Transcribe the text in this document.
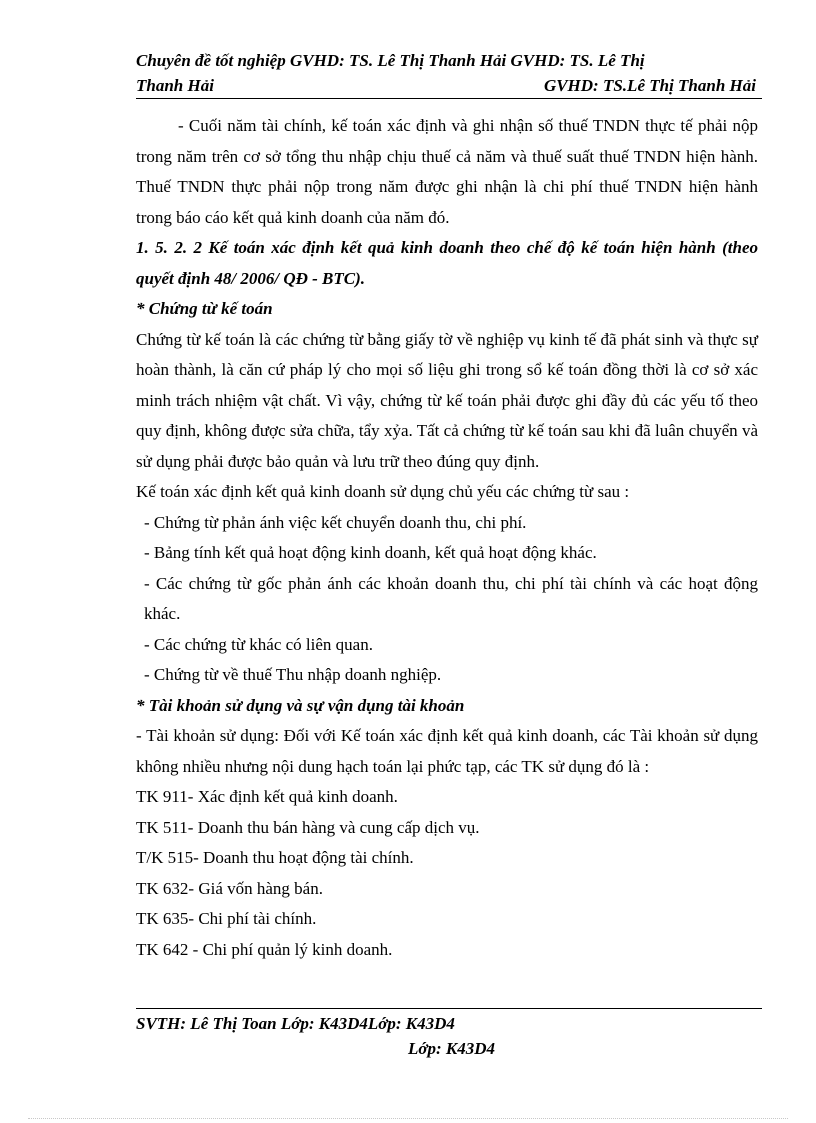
Chuyên đề tốt nghiệp GVHD: TS. Lê Thị Thanh Hải GVHD: TS. Lê Thị
Thanh Hải	GVHD: TS.Lê Thị Thanh Hải

- Cuối năm tài chính, kế toán xác định và ghi nhận số thuế TNDN thực tế phải nộp trong năm trên cơ sở tổng thu nhập chịu thuế cả năm và thuế suất thuế TNDN hiện hành. Thuế TNDN thực phải nộp trong năm được ghi nhận là chi phí thuế TNDN hiện hành trong báo cáo kết quả kinh doanh của năm đó.

1. 5. 2. 2 Kế toán xác định kết quả kinh doanh theo chế độ kế toán hiện hành (theo quyết định 48/ 2006/ QĐ - BTC).

* Chứng từ kế toán

Chứng từ kế toán là các chứng từ bằng giấy tờ về nghiệp vụ kinh tế đã phát sinh và thực sự hoàn thành, là căn cứ pháp lý cho mọi số liệu ghi trong sổ kế toán đồng thời là cơ sở xác minh trách nhiệm vật chất. Vì vậy, chứng từ kế toán phải được ghi đầy đủ các yếu tố theo quy định, không được sửa chữa, tẩy xỷa. Tất cả chứng từ kế toán sau khi đã luân chuyển và sử dụng phải được bảo quản và lưu trữ theo đúng quy định.

Kế toán xác định kết quả kinh doanh sử dụng chủ yếu các chứng từ sau :

- Chứng từ phản ánh việc kết chuyển doanh thu, chi phí.

- Bảng tính kết quả hoạt động kinh doanh, kết quả hoạt động khác.

- Các chứng từ gốc phản ánh các khoản doanh thu, chi phí tài chính và các hoạt động khác.

- Các chứng từ khác có liên quan.

- Chứng từ về thuế Thu nhập doanh nghiệp.

* Tài khoản sử dụng và sự vận dụng tài khoản

- Tài khoản sử dụng: Đối với Kế toán xác định kết quả kinh doanh, các Tài khoản sử dụng không nhiều nhưng nội dung hạch toán lại phức tạp, các TK sử dụng đó là :

TK 911- Xác định kết quả kinh doanh.

TK 511- Doanh thu bán hàng và cung cấp dịch vụ.

T/K 515- Doanh thu hoạt động tài chính.

TK 632- Giá vốn hàng bán.

TK 635- Chi phí tài chính.

TK 642 - Chi phí quản lý kinh doanh.

SVTH: Lê Thị Toan Lớp: K43D4Lớp: K43D4
Lớp: K43D4
